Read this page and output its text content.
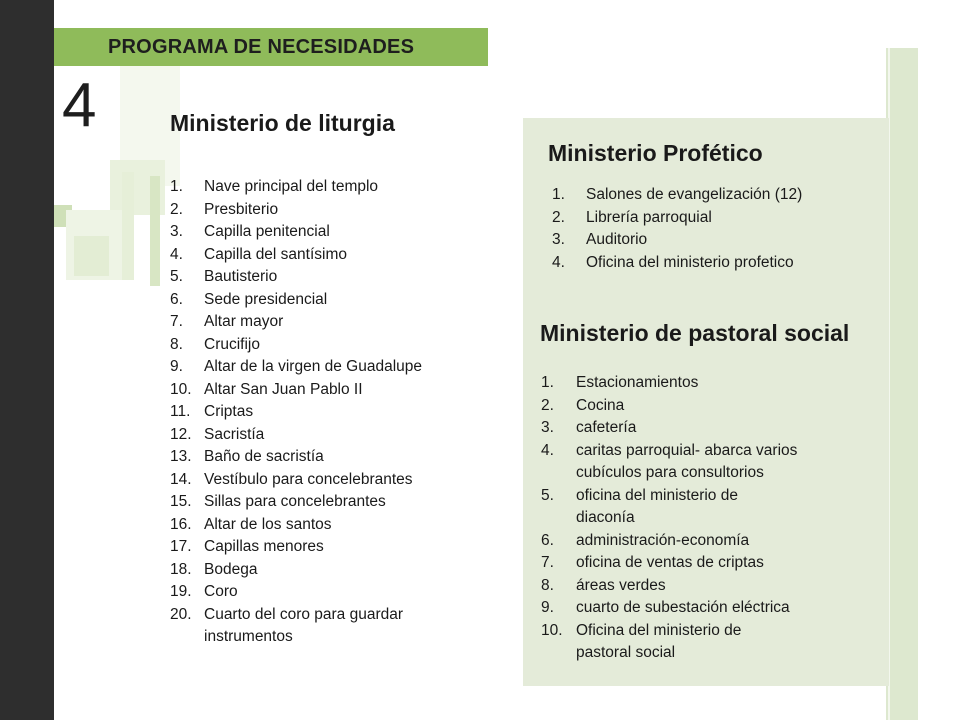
PROGRAMA DE NECESIDADES
4	Ministerio de liturgia
1. Nave principal del templo
2. Presbiterio
3. Capilla penitencial
4. Capilla del santísimo
5. Bautisterio
6. Sede presidencial
7. Altar mayor
8. Crucifijo
9. Altar de la virgen de Guadalupe
10. Altar San Juan Pablo II
11. Criptas
12. Sacristía
13. Baño de sacristía
14. Vestíbulo para concelebrantes
15. Sillas para concelebrantes
16. Altar de los santos
17. Capillas menores
18. Bodega
19. Coro
20. Cuarto del coro para guardar
instrumentos
Ministerio Profético
1. Salones de evangelización (12)
2. Librería parroquial
3. Auditorio
4. Oficina del ministerio profetico
Ministerio de pastoral social
1. Estacionamientos
2. Cocina
3. cafetería
4. caritas parroquial- abarca varios
cubículos para consultorios
5. oficina del ministerio de
diaconía
6. administración-economía
7. oficina de ventas de criptas
8. áreas verdes
9. cuarto de subestación eléctrica
10. Oficina del ministerio de
pastoral social
